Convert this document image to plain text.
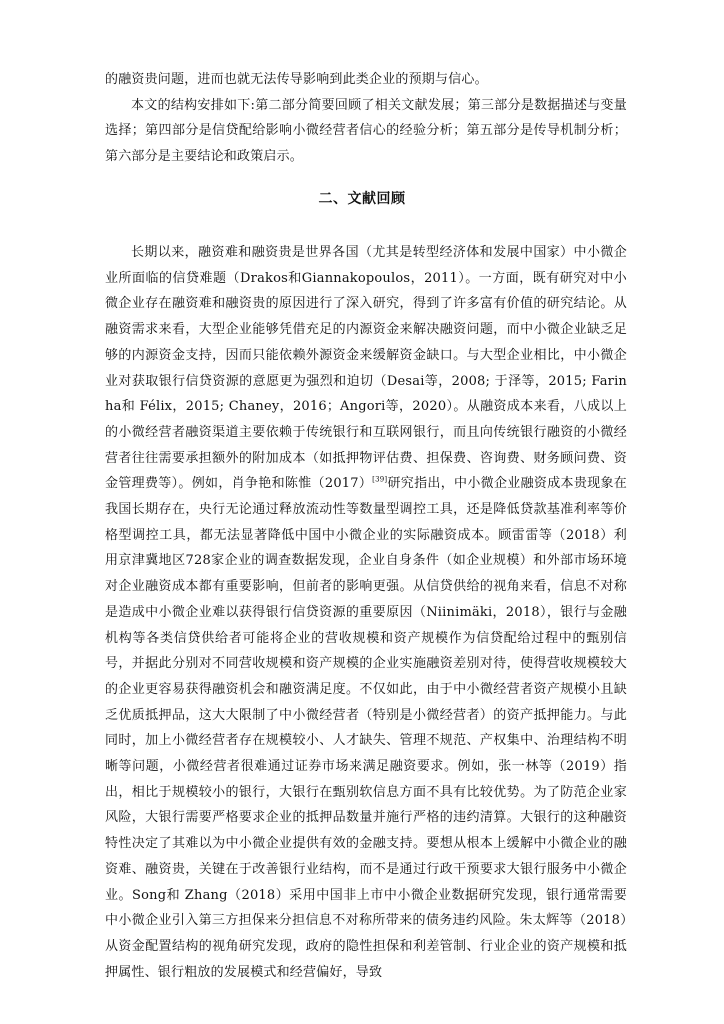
的融资贵问题，进而也就无法传导影响到此类企业的预期与信心。

本文的结构安排如下:第二部分简要回顾了相关文献发展；第三部分是数据描述与变量选择；第四部分是信贷配给影响小微经营者信心的经验分析；第五部分是传导机制分析；第六部分是主要结论和政策启示。

二、文献回顾

长期以来，融资难和融资贵是世界各国（尤其是转型经济体和发展中国家）中小微企业所面临的信贷难题（Drakos和Giannakopoulos，2011）。一方面，既有研究对中小微企业存在融资难和融资贵的原因进行了深入研究，得到了许多富有价值的研究结论。从融资需求来看，大型企业能够凭借充足的内源资金来解决融资问题，而中小微企业缺乏足够的内源资金支持，因而只能依赖外源资金来缓解资金缺口。与大型企业相比，中小微企业对获取银行信贷资源的意愿更为强烈和迫切（Desai等，2008; 于泽等，2015; Farinha和 Félix，2015; Chaney，2016；Angori等，2020）。从融资成本来看，八成以上的小微经营者融资渠道主要依赖于传统银行和互联网银行，而且向传统银行融资的小微经营者往往需要承担额外的附加成本（如抵押物评估费、担保费、咨询费、财务顾问费、资金管理费等）。例如，肖争艳和陈惟（2017）[39]研究指出，中小微企业融资成本贵现象在我国长期存在，央行无论通过释放流动性等数量型调控工具，还是降低贷款基准利率等价格型调控工具，都无法显著降低中国中小微企业的实际融资成本。顾雷雷等（2018）利用京津冀地区728家企业的调查数据发现，企业自身条件（如企业规模）和外部市场环境对企业融资成本都有重要影响，但前者的影响更强。从信贷供给的视角来看，信息不对称是造成中小微企业难以获得银行信贷资源的重要原因（Niinimäki，2018），银行与金融机构等各类信贷供给者可能将企业的营收规模和资产规模作为信贷配给过程中的甄别信号，并据此分别对不同营收规模和资产规模的企业实施融资差别对待，使得营收规模较大的企业更容易获得融资机会和融资满足度。不仅如此，由于中小微经营者资产规模小且缺乏优质抵押品，这大大限制了中小微经营者（特别是小微经营者）的资产抵押能力。与此同时，加上小微经营者存在规模较小、人才缺失、管理不规范、产权集中、治理结构不明晰等问题，小微经营者很难通过证券市场来满足融资要求。例如，张一林等（2019）指出，相比于规模较小的银行，大银行在甄别软信息方面不具有比较优势。为了防范企业家风险，大银行需要严格要求企业的抵押品数量并施行严格的违约清算。大银行的这种融资特性决定了其难以为中小微企业提供有效的金融支持。要想从根本上缓解中小微企业的融资难、融资贵，关键在于改善银行业结构，而不是通过行政干预要求大银行服务中小微企业。Song和 Zhang（2018）采用中国非上市中小微企业数据研究发现，银行通常需要中小微企业引入第三方担保来分担信息不对称所带来的债务违约风险。朱太辉等（2018）从资金配置结构的视角研究发现，政府的隐性担保和利差管制、行业企业的资产规模和抵押属性、银行粗放的发展模式和经营偏好，导致
